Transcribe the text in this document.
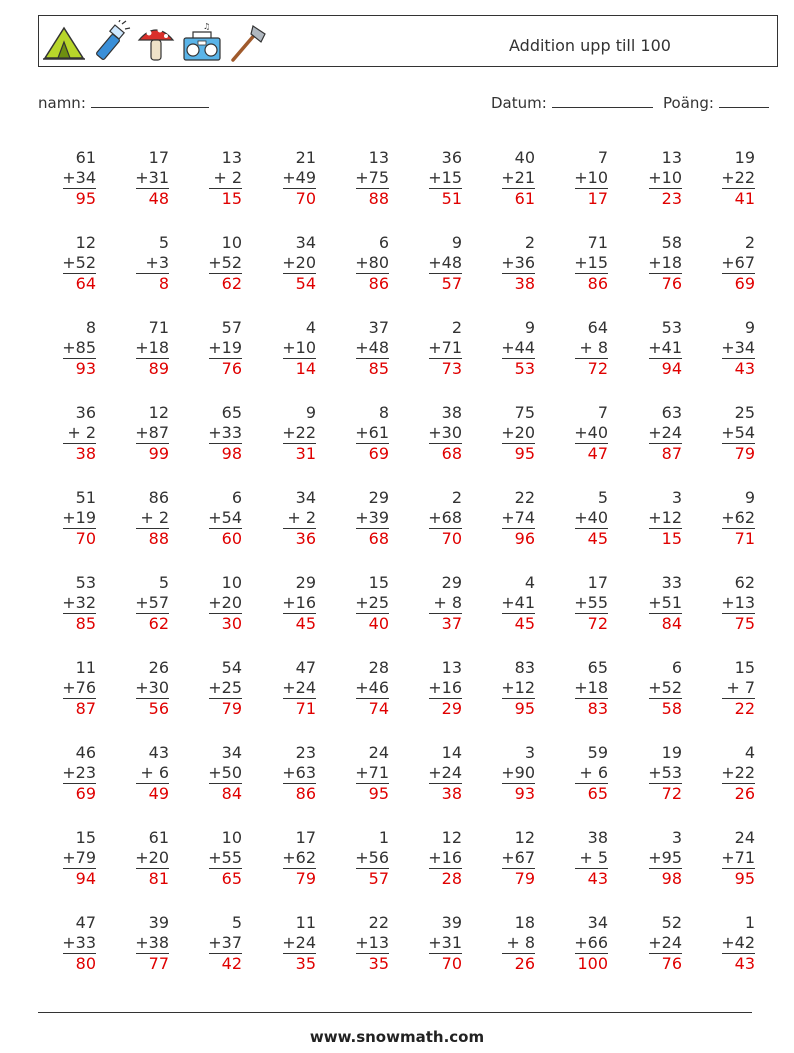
♫
Addition upp till 100
namn:	Datum:	Poäng:
61
+34
95
17
+31
48
13
+ 2
15
21
+49
70
13
+75
88
36
+15
51
40
+21
61
7
+10
17
13
+10
23
19
+22
41
12
+52
64
5
+3
8
10
+52
62
34
+20
54
6
+80
86
9
+48
57
2
+36
38
71
+15
86
58
+18
76
2
+67
69
8
+85
93
71
+18
89
57
+19
76
4
+10
14
37
+48
85
2
+71
73
9
+44
53
64
+ 8
72
53
+41
94
9
+34
43
36
+ 2
38
12
+87
99
65
+33
98
9
+22
31
8
+61
69
38
+30
68
75
+20
95
7
+40
47
63
+24
87
25
+54
79
51
+19
70
86
+ 2
88
6
+54
60
34
+ 2
36
29
+39
68
2
+68
70
22
+74
96
5
+40
45
3
+12
15
9
+62
71
53
+32
85
5
+57
62
10
+20
30
29
+16
45
15
+25
40
29
+ 8
37
4
+41
45
17
+55
72
33
+51
84
62
+13
75
11
+76
87
26
+30
56
54
+25
79
47
+24
71
28
+46
74
13
+16
29
83
+12
95
65
+18
83
6
+52
58
15
+ 7
22
46
+23
69
43
+ 6
49
34
+50
84
23
+63
86
24
+71
95
14
+24
38
3
+90
93
59
+ 6
65
19
+53
72
4
+22
26
15
+79
94
61
+20
81
10
+55
65
17
+62
79
1
+56
57
12
+16
28
12
+67
79
38
+ 5
43
3
+95
98
24
+71
95
47
+33
80
39
+38
77
5
+37
42
11
+24
35
22
+13
35
39
+31
70
18
+ 8
26
34
+66
100
52
+24
76
1
+42
43
www.snowmath.com
